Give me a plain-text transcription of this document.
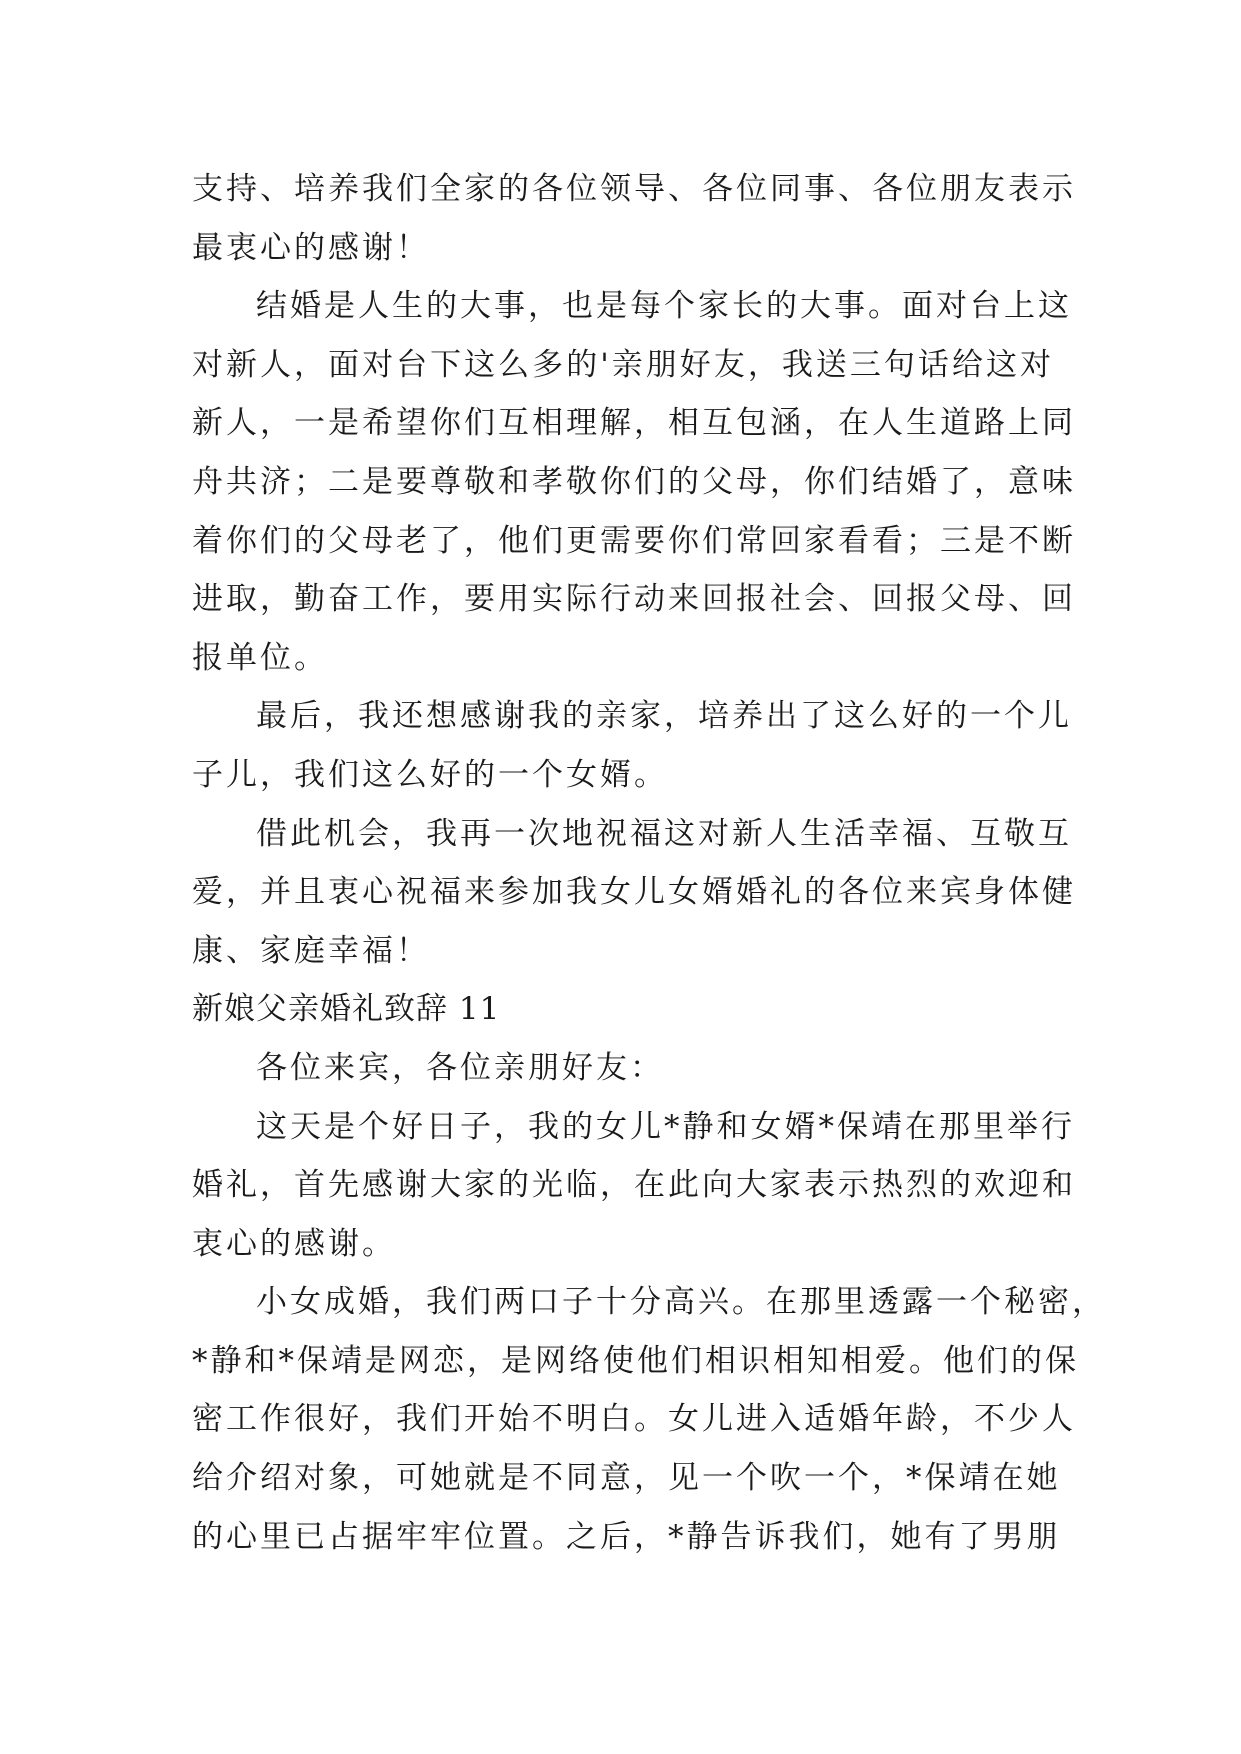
支持、培养我们全家的各位领导、各位同事、各位朋友表示
最衷心的感谢！
结婚是人生的大事，也是每个家长的大事。面对台上这
对新人，面对台下这么多的'亲朋好友，我送三句话给这对
新人，一是希望你们互相理解，相互包涵，在人生道路上同
舟共济；二是要尊敬和孝敬你们的父母，你们结婚了，意味
着你们的父母老了，他们更需要你们常回家看看；三是不断
进取，勤奋工作，要用实际行动来回报社会、回报父母、回
报单位。
最后，我还想感谢我的亲家，培养出了这么好的一个儿
子儿，我们这么好的一个女婿。
借此机会，我再一次地祝福这对新人生活幸福、互敬互
爱，并且衷心祝福来参加我女儿女婿婚礼的各位来宾身体健
康、家庭幸福！
新娘父亲婚礼致辞 11
各位来宾，各位亲朋好友：
这天是个好日子，我的女儿*静和女婿*保靖在那里举行
婚礼，首先感谢大家的光临，在此向大家表示热烈的欢迎和
衷心的感谢。
小女成婚，我们两口子十分高兴。在那里透露一个秘密，
*静和*保靖是网恋，是网络使他们相识相知相爱。他们的保
密工作很好，我们开始不明白。女儿进入适婚年龄，不少人
给介绍对象，可她就是不同意，见一个吹一个，*保靖在她
的心里已占据牢牢位置。之后，*静告诉我们，她有了男朋
